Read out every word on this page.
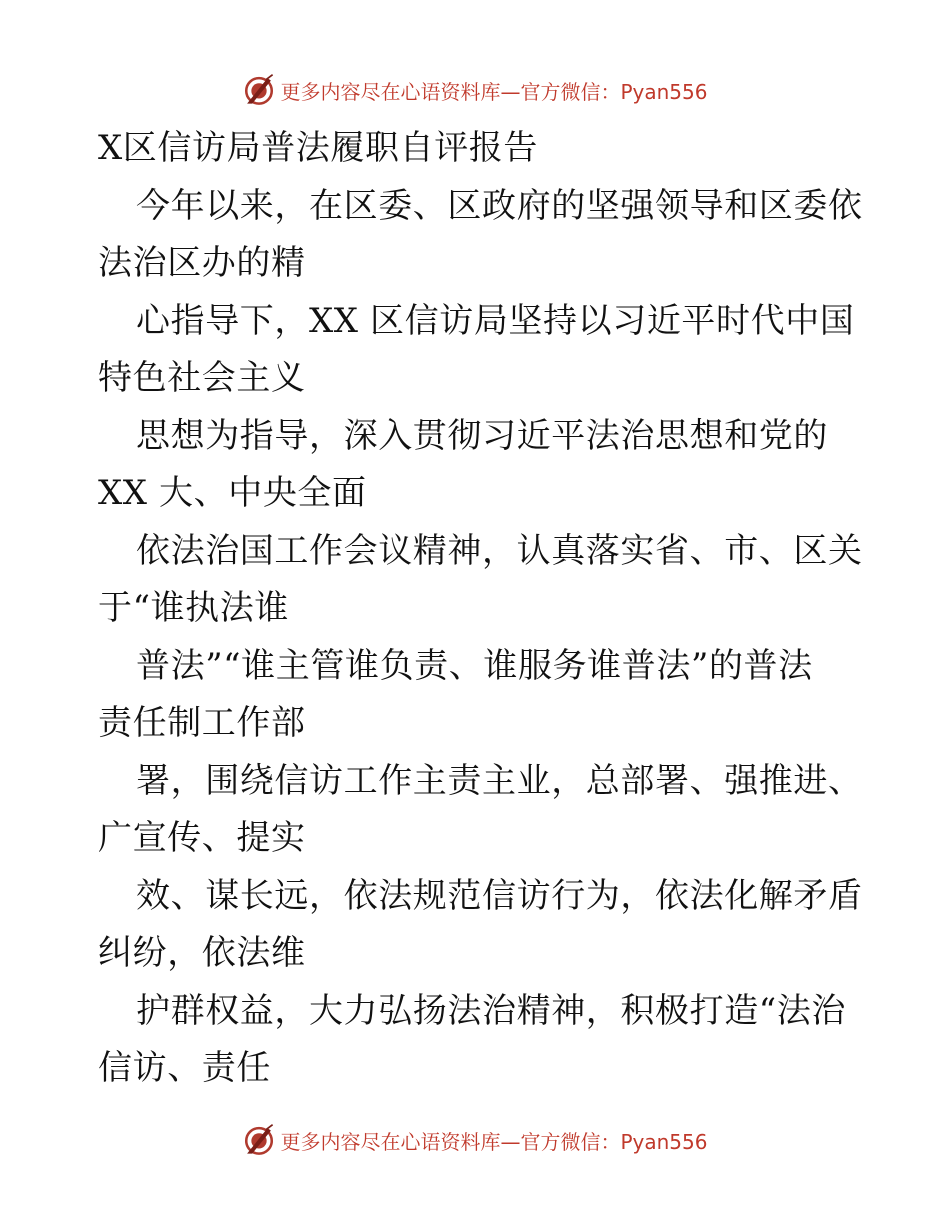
更多内容尽在心语资料库—官方微信：Pyan556
X区信访局普法履职自评报告
今年以来，在区委、区政府的坚强领导和区委依
法治区办的精
心指导下，XX 区信访局坚持以习近平时代中国
特色社会主义
思想为指导，深入贯彻习近平法治思想和党的
XX 大、中央全面
依法治国工作会议精神，认真落实省、市、区关
于“谁执法谁
普法”“谁主管谁负责、谁服务谁普法”的普法
责任制工作部
署，围绕信访工作主责主业，总部署、强推进、
广宣传、提实
效、谋长远，依法规范信访行为，依法化解矛盾
纠纷，依法维
护群权益，大力弘扬法治精神，积极打造“法治
信访、责任
更多内容尽在心语资料库—官方微信：Pyan556
